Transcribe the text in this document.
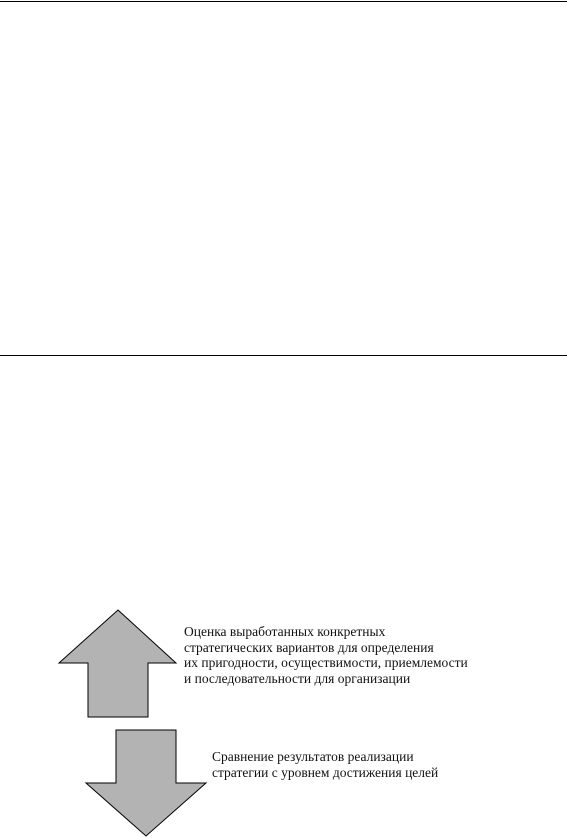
Оценка выработанных конкретных
стратегических вариантов для определения
их пригодности, осуществимости, приемлемости
и последовательности для организации
Сравнение результатов реализации
стратегии с уровнем достижения целей
